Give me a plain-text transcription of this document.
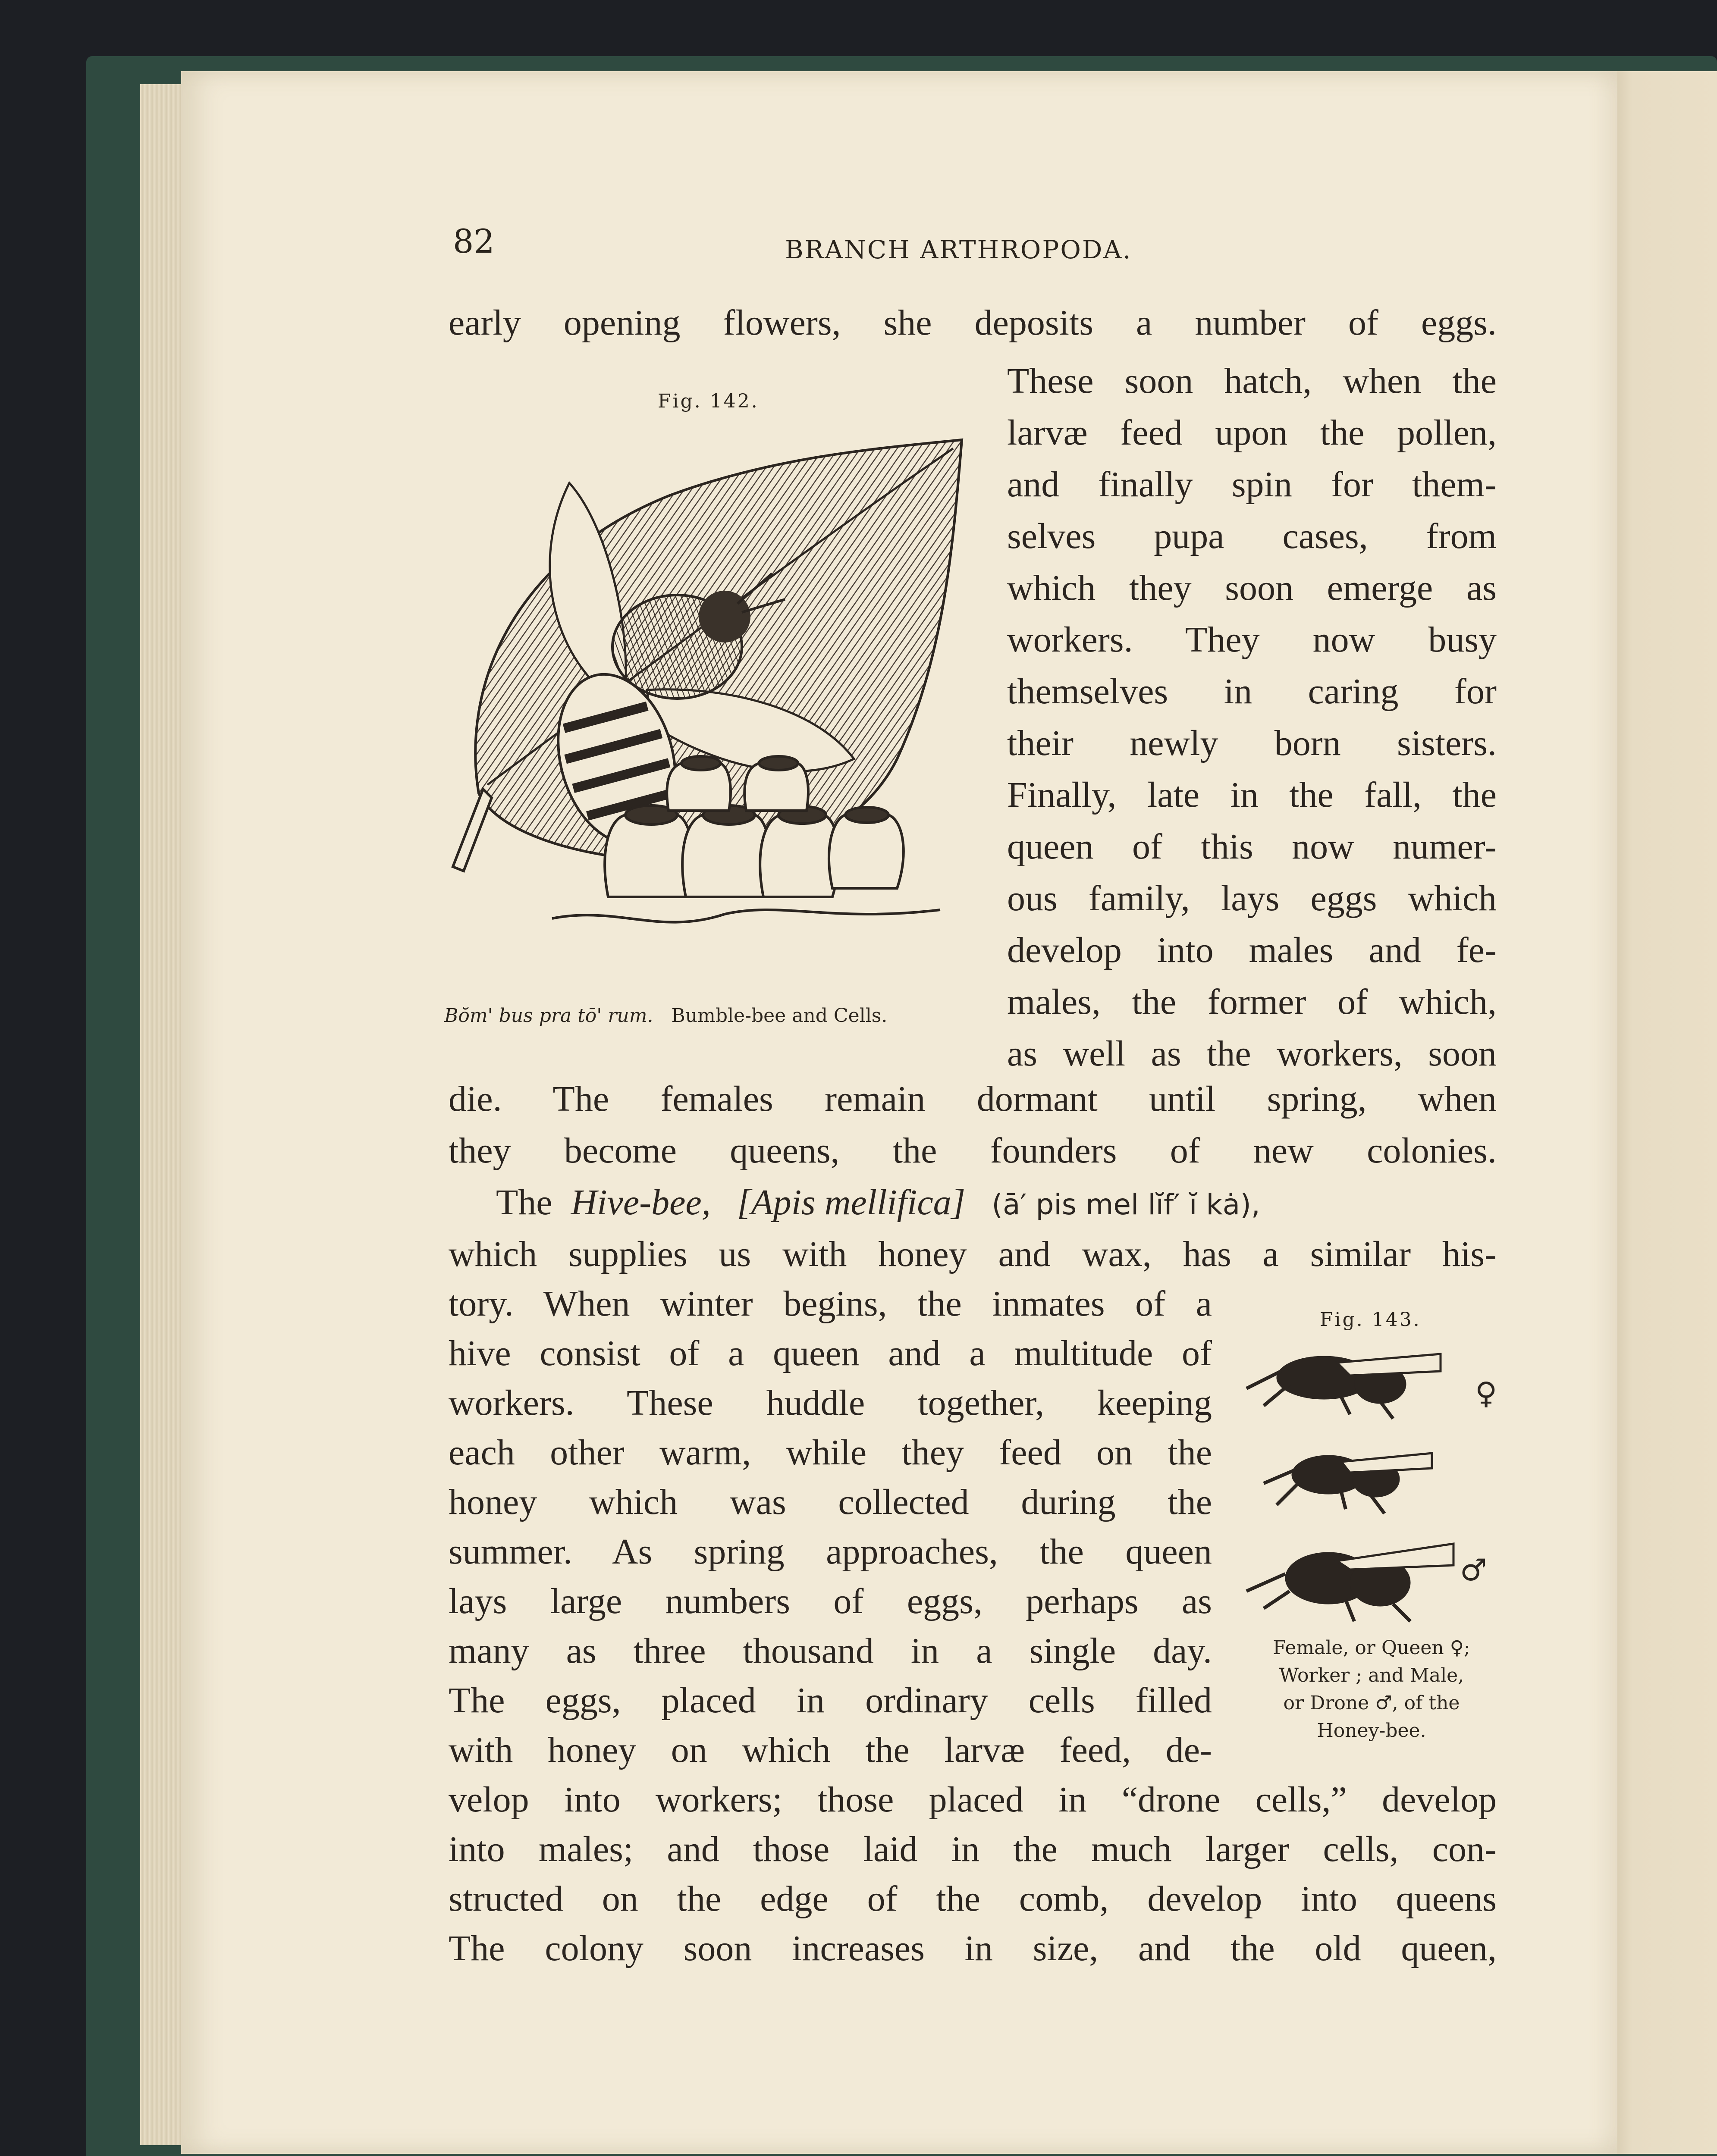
82	BRANCH ARTHROPODA.
Fig. 142.
Bŏm' bus pra tō' rum. Bumble-bee and Cells.
early opening flowers, she deposits a number of eggs.
These soon hatch, when the
larvæ feed upon the pollen,
and finally spin for them-
selves pupa cases, from
which they soon emerge as
workers. They now busy
themselves in caring for
their newly born sisters.
Finally, late in the fall, the
queen of this now numer-
ous family, lays eggs which
develop into males and fe-
males, the former of which,
as well as the workers, soon
die. The females remain dormant until spring, when
they become queens, the founders of new colonies.
The Hive-bee, [Apis mellifica] (ā′ pis mel lĭf′ ĭ kȧ),
which supplies us with honey and wax, has a similar his-
tory. When winter begins, the inmates of a
hive consist of a queen and a multitude of
workers. These huddle together, keeping
each other warm, while they feed on the
honey which was collected during the
summer. As spring approaches, the queen
lays large numbers of eggs, perhaps as
many as three thousand in a single day.
The eggs, placed in ordinary cells filled
with honey on which the larvæ feed, de-
velop into workers; those placed in “drone cells,” develop
into males; and those laid in the much larger cells, con-
structed on the edge of the comb, develop into queens
The colony soon increases in size, and the old queen,
Fig. 143.
♀
♂
Female, or Queen ♀;
Worker ; and Male,
or Drone ♂, of the
Honey-bee.
